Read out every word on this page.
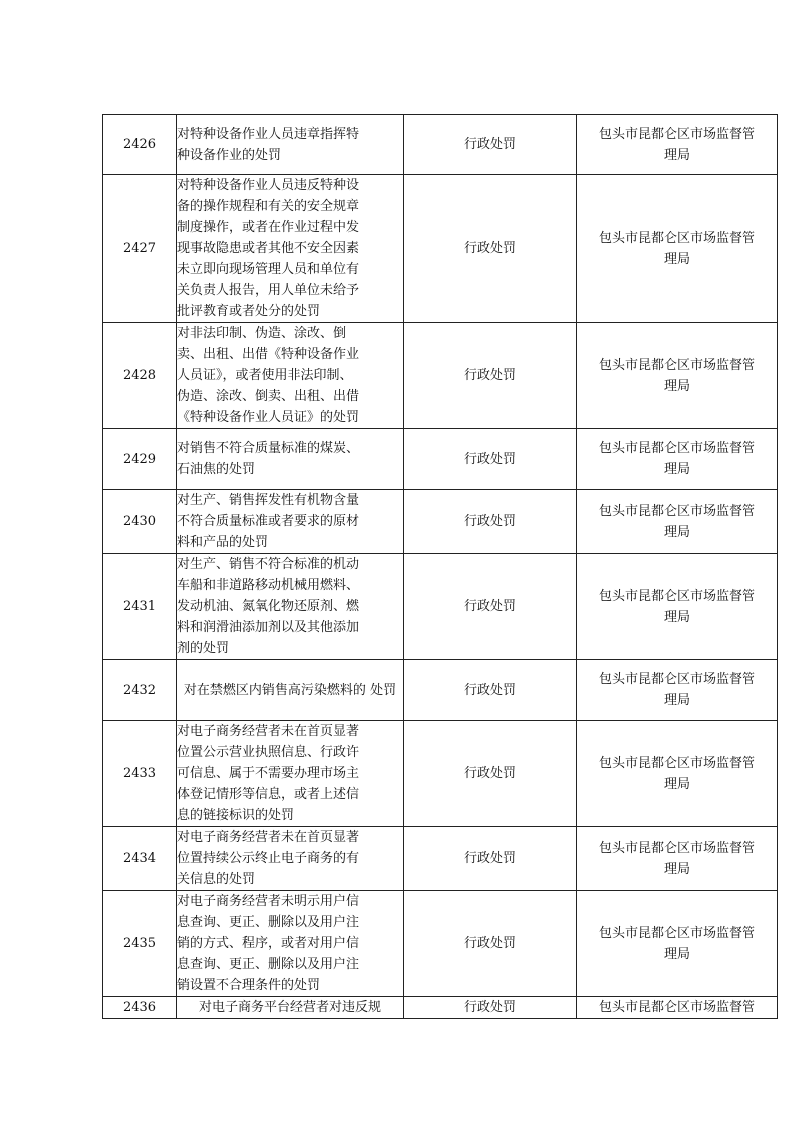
2426	对特种设备作业人员违章指挥特 种设备作业的处罚	行政处罚	包头市昆都仑区市场监督管
理局

2427	对特种设备作业人员违反特种设 备的操作规程和有关的安全规章 制度操作，或者在作业过程中发 现事故隐患或者其他不安全因素 未立即向现场管理人员和单位有 关负责人报告，用人单位未给予 批评教育或者处分的处罚	行政处罚	包头市昆都仑区市场监督管
理局

2428	对非法印制、伪造、涂改、倒 卖、出租、出借《特种设备作业 人员证》，或者使用非法印制、 伪造、涂改、倒卖、出租、出借 《特种设备作业人员证》的处罚	行政处罚	包头市昆都仑区市场监督管
理局

2429	对销售不符合质量标准的煤炭、 石油焦的处罚	行政处罚	包头市昆都仑区市场监督管
理局

2430	对生产、销售挥发性有机物含量 不符合质量标准或者要求的原材 料和产品的处罚	行政处罚	包头市昆都仑区市场监督管
理局

2431	对生产、销售不符合标准的机动 车船和非道路移动机械用燃料、 发动机油、氮氧化物还原剂、燃 料和润滑油添加剂以及其他添加 剂的处罚	行政处罚	包头市昆都仑区市场监督管
理局

2432	对在禁燃区内销售高污染燃料的 处罚	行政处罚	包头市昆都仑区市场监督管
理局

2433	对电子商务经营者未在首页显著 位置公示营业执照信息、行政许 可信息、属于不需要办理市场主 体登记情形等信息，或者上述信 息的链接标识的处罚	行政处罚	包头市昆都仑区市场监督管
理局

2434	对电子商务经营者未在首页显著 位置持续公示终止电子商务的有 关信息的处罚	行政处罚	包头市昆都仑区市场监督管
理局

2435	对电子商务经营者未明示用户信 息查询、更正、删除以及用户注 销的方式、程序，或者对用户信 息查询、更正、删除以及用户注 销设置不合理条件的处罚	行政处罚	包头市昆都仑区市场监督管
理局

2436	对电子商务平台经营者对违反规	行政处罚	包头市昆都仑区市场监督管
